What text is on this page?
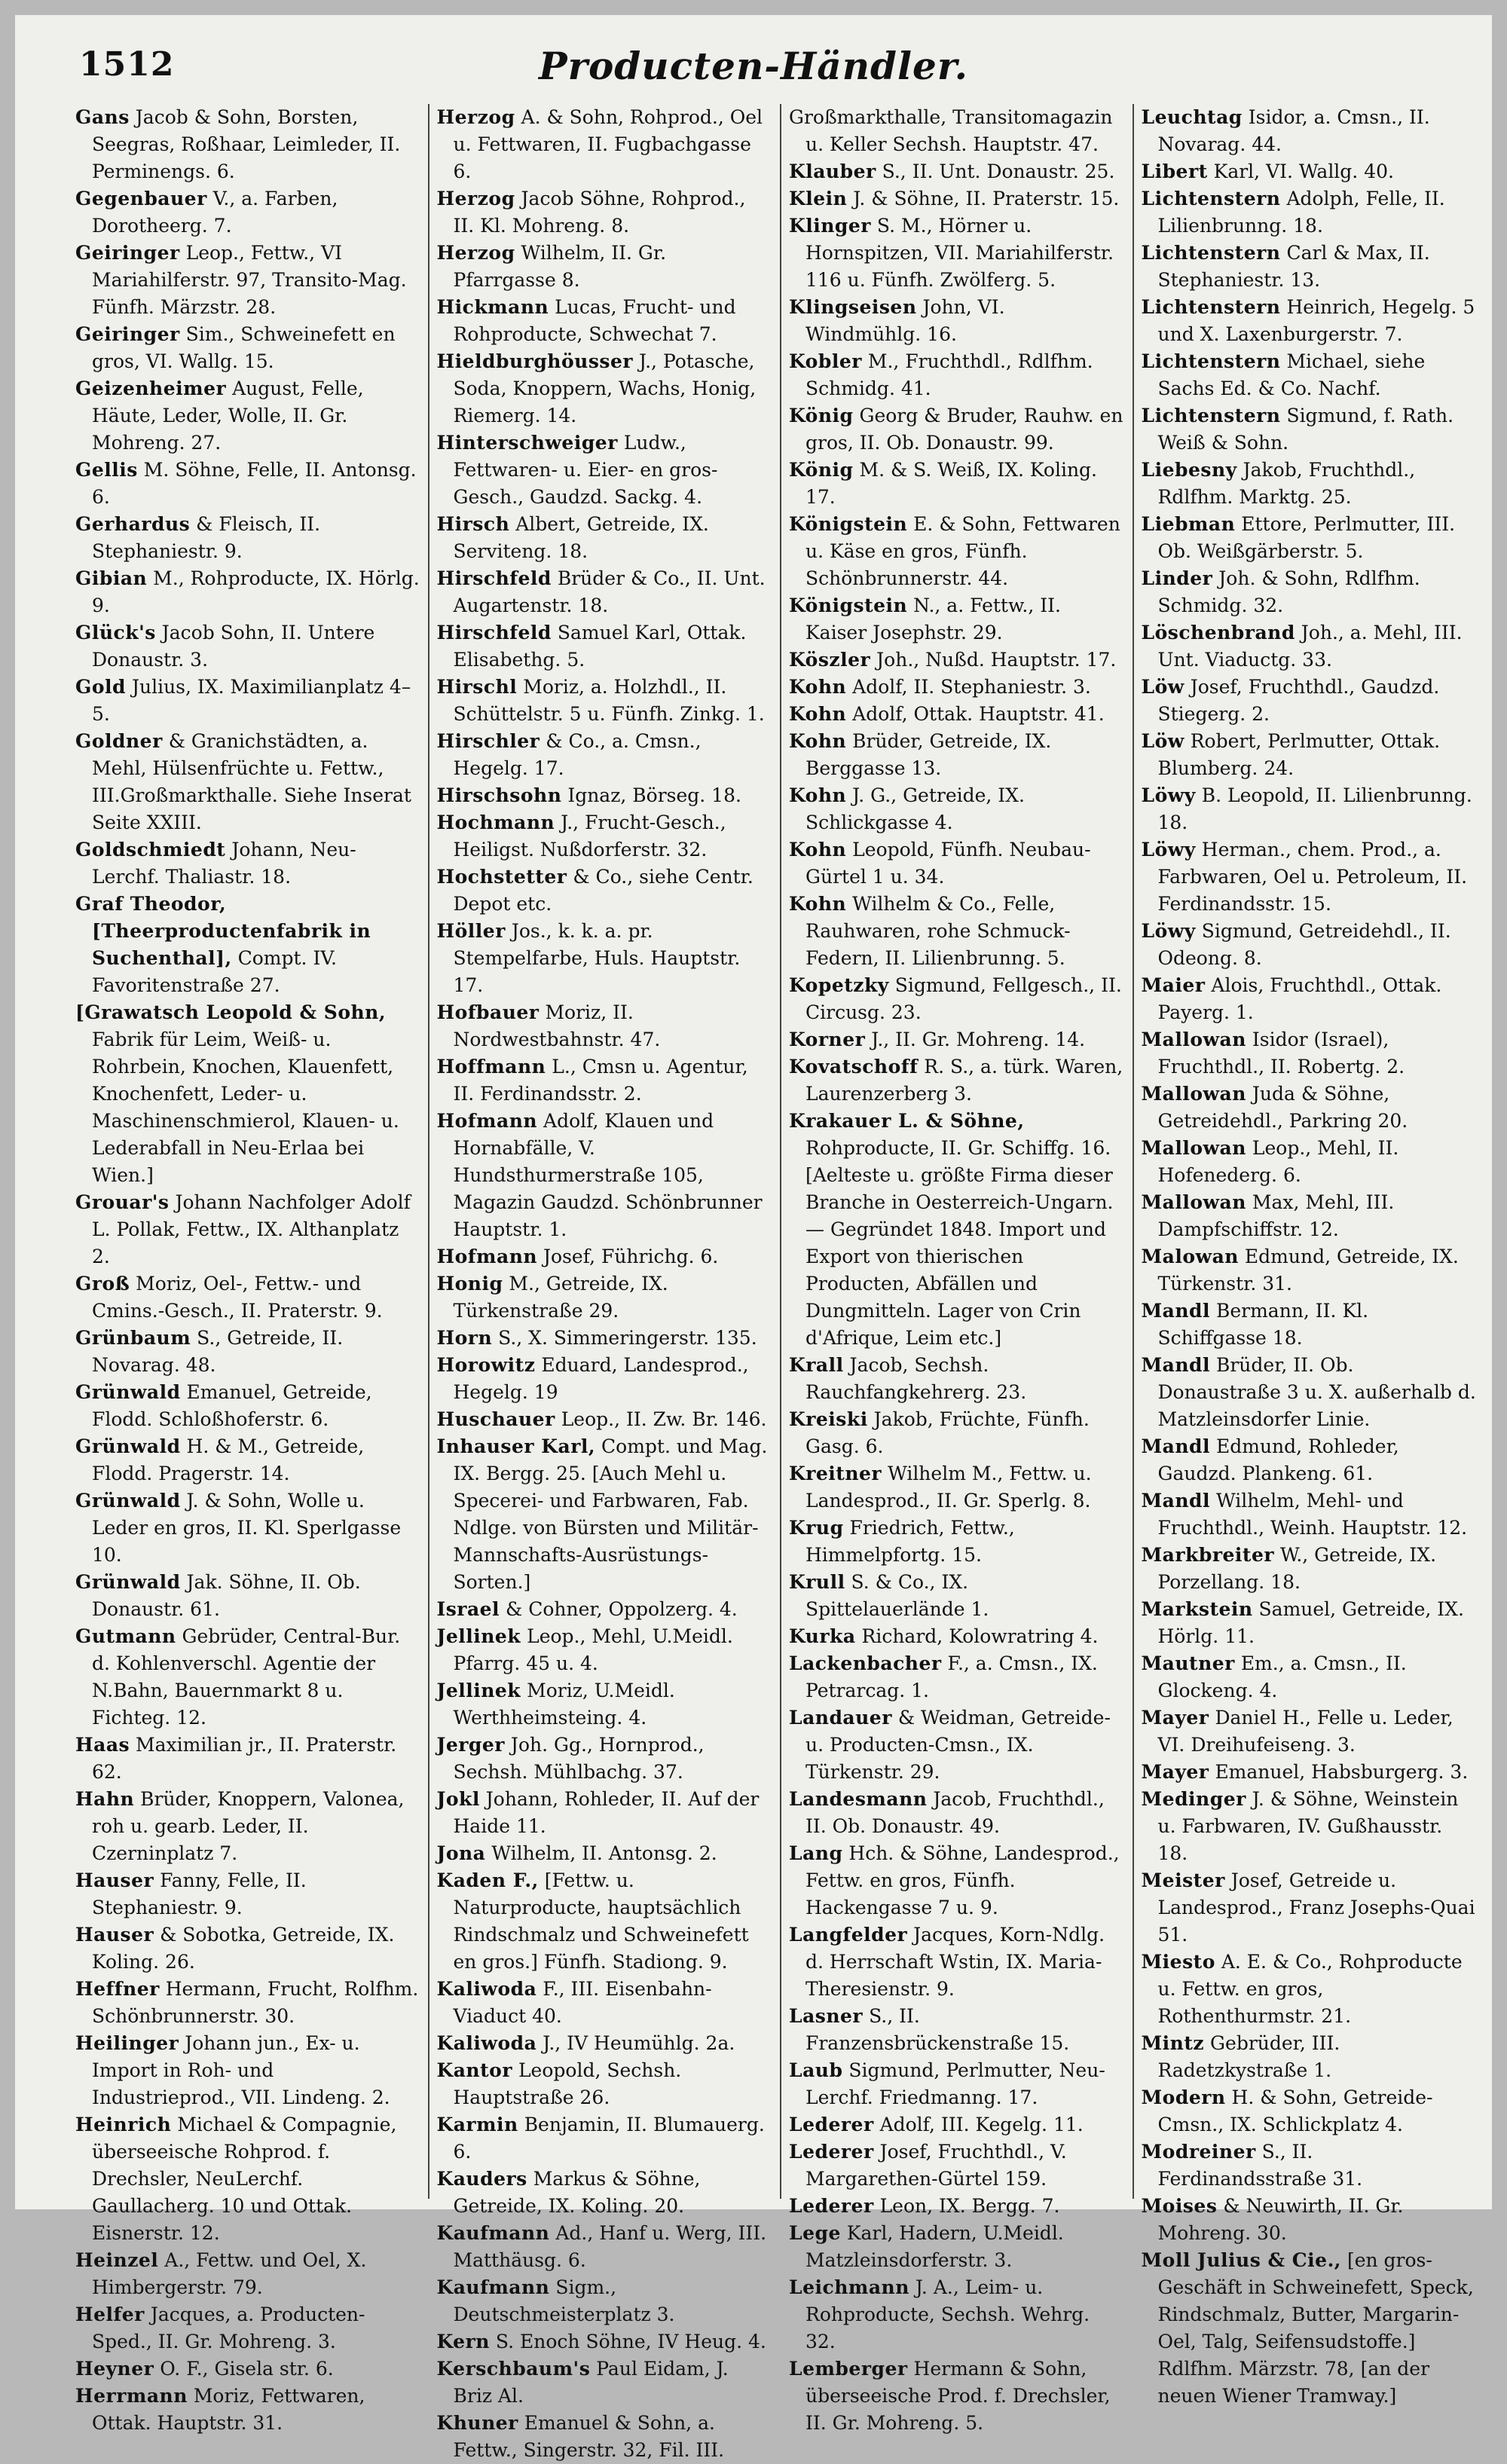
1512	Producten-Händler.

Gans Jacob & Sohn, Borsten, Seegras, Roßhaar, Leimleder, II. Perminengs. 6.

Gegenbauer V., a. Farben, Dorotheerg. 7.

Geiringer Leop., Fettw., VI Mariahilferstr. 97, Transito-Mag. Fünfh. Märzstr. 28.

Geiringer Sim., Schweinefett en gros, VI. Wallg. 15.

Geizenheimer August, Felle, Häute, Leder, Wolle, II. Gr. Mohreng. 27.

Gellis M. Söhne, Felle, II. Antonsg. 6.

Gerhardus & Fleisch, II. Stephaniestr. 9.

Gibian M., Rohproducte, IX. Hörlg. 9.

Glück's Jacob Sohn, II. Untere Donaustr. 3.

Gold Julius, IX. Maximilianplatz 4–5.

Goldner & Granichstädten, a. Mehl, Hülsenfrüchte u. Fettw., III.Großmarkthalle. Siehe Inserat Seite XXIII.

Goldschmiedt Johann, Neu-Lerchf. Thaliastr. 18.

Graf Theodor, [Theerproductenfabrik in Suchenthal], Compt. IV. Favoritenstraße 27.

[Grawatsch Leopold & Sohn, Fabrik für Leim, Weiß- u. Rohrbein, Knochen, Klauenfett, Knochenfett, Leder- u. Maschinenschmierol, Klauen- u. Lederabfall in Neu-Erlaa bei Wien.]

Grouar's Johann Nachfolger Adolf L. Pollak, Fettw., IX. Althanplatz 2.

Groß Moriz, Oel-, Fettw.- und Cmins.-Gesch., II. Praterstr. 9.

Grünbaum S., Getreide, II. Novarag. 48.

Grünwald Emanuel, Getreide, Flodd. Schloßhoferstr. 6.

Grünwald H. & M., Getreide, Flodd. Pragerstr. 14.

Grünwald J. & Sohn, Wolle u. Leder en gros, II. Kl. Sperlgasse 10.

Grünwald Jak. Söhne, II. Ob. Donaustr. 61.

Gutmann Gebrüder, Central-Bur. d. Kohlenverschl. Agentie der N.Bahn, Bauernmarkt 8 u. Fichteg. 12.

Haas Maximilian jr., II. Praterstr. 62.

Hahn Brüder, Knoppern, Valonea, roh u. gearb. Leder, II. Czerninplatz 7.

Hauser Fanny, Felle, II. Stephaniestr. 9.

Hauser & Sobotka, Getreide, IX. Koling. 26.

Heffner Hermann, Frucht, Rolfhm. Schönbrunnerstr. 30.

Heilinger Johann jun., Ex- u. Import in Roh- und Industrieprod., VII. Lindeng. 2.

Heinrich Michael & Compagnie, überseeische Rohprod. f. Drechsler, NeuLerchf. Gaullacherg. 10 und Ottak. Eisnerstr. 12.

Heinzel A., Fettw. und Oel, X. Himbergerstr. 79.

Helfer Jacques, a. Producten-Sped., II. Gr. Mohreng. 3.

Heyner O. F., Gisela str. 6.

Herrmann Moriz, Fettwaren, Ottak. Hauptstr. 31.

Herzog A. & Sohn, Rohprod., Oel u. Fettwaren, II. Fugbachgasse 6.

Herzog Jacob Söhne, Rohprod., II. Kl. Mohreng. 8.

Herzog Wilhelm, II. Gr. Pfarrgasse 8.

Hickmann Lucas, Frucht- und Rohproducte, Schwechat 7.

Hieldburghöusser J., Potasche, Soda, Knoppern, Wachs, Honig, Riemerg. 14.

Hinterschweiger Ludw., Fettwaren- u. Eier- en gros-Gesch., Gaudzd. Sackg. 4.

Hirsch Albert, Getreide, IX. Serviteng. 18.

Hirschfeld Brüder & Co., II. Unt. Augartenstr. 18.

Hirschfeld Samuel Karl, Ottak. Elisabethg. 5.

Hirschl Moriz, a. Holzhdl., II. Schüttelstr. 5 u. Fünfh. Zinkg. 1.

Hirschler & Co., a. Cmsn., Hegelg. 17.

Hirschsohn Ignaz, Börseg. 18.

Hochmann J., Frucht-Gesch., Heiligst. Nußdorferstr. 32.

Hochstetter & Co., siehe Centr. Depot etc.

Höller Jos., k. k. a. pr. Stempelfarbe, Huls. Hauptstr. 17.

Hofbauer Moriz, II. Nordwestbahnstr. 47.

Hoffmann L., Cmsn u. Agentur, II. Ferdinandsstr. 2.

Hofmann Adolf, Klauen und Hornabfälle, V. Hundsthurmerstraße 105, Magazin Gaudzd. Schönbrunner Hauptstr. 1.

Hofmann Josef, Führichg. 6.

Honig M., Getreide, IX. Türkenstraße 29.

Horn S., X. Simmeringerstr. 135.

Horowitz Eduard, Landesprod., Hegelg. 19

Huschauer Leop., II. Zw. Br. 146.

Inhauser Karl, Compt. und Mag. IX. Bergg. 25. [Auch Mehl u. Specerei- und Farbwaren, Fab. Ndlge. von Bürsten und Militär-Mannschafts-Ausrüstungs-Sorten.]

Israel & Cohner, Oppolzerg. 4.

Jellinek Leop., Mehl, U.Meidl. Pfarrg. 45 u. 4.

Jellinek Moriz, U.Meidl. Werthheimsteing. 4.

Jerger Joh. Gg., Hornprod., Sechsh. Mühlbachg. 37.

Jokl Johann, Rohleder, II. Auf der Haide 11.

Jona Wilhelm, II. Antonsg. 2.

Kaden F., [Fettw. u. Naturproducte, hauptsächlich Rindschmalz und Schweinefett en gros.] Fünfh. Stadiong. 9.

Kaliwoda F., III. Eisenbahn-Viaduct 40.

Kaliwoda J., IV Heumühlg. 2a.

Kantor Leopold, Sechsh. Hauptstraße 26.

Karmin Benjamin, II. Blumauerg. 6.

Kauders Markus & Söhne, Getreide, IX. Koling. 20.

Kaufmann Ad., Hanf u. Werg, III. Matthäusg. 6.

Kaufmann Sigm., Deutschmeisterplatz 3.

Kern S. Enoch Söhne, IV Heug. 4.

Kerschbaum's Paul Eidam, J. Briz Al.

Khuner Emanuel & Sohn, a. Fettw., Singerstr. 32, Fil. III.

Großmarkthalle, Transitomagazin u. Keller Sechsh. Hauptstr. 47.

Klauber S., II. Unt. Donaustr. 25.

Klein J. & Söhne, II. Praterstr. 15.

Klinger S. M., Hörner u. Hornspitzen, VII. Mariahilferstr. 116 u. Fünfh. Zwölferg. 5.

Klingseisen John, VI. Windmühlg. 16.

Kobler M., Fruchthdl., Rdlfhm. Schmidg. 41.

König Georg & Bruder, Rauhw. en gros, II. Ob. Donaustr. 99.

König M. & S. Weiß, IX. Koling. 17.

Königstein E. & Sohn, Fettwaren u. Käse en gros, Fünfh. Schönbrunnerstr. 44.

Königstein N., a. Fettw., II. Kaiser Josephstr. 29.

Köszler Joh., Nußd. Hauptstr. 17.

Kohn Adolf, II. Stephaniestr. 3.

Kohn Adolf, Ottak. Hauptstr. 41.

Kohn Brüder, Getreide, IX. Berggasse 13.

Kohn J. G., Getreide, IX. Schlickgasse 4.

Kohn Leopold, Fünfh. Neubau-Gürtel 1 u. 34.

Kohn Wilhelm & Co., Felle, Rauhwaren, rohe Schmuck-Federn, II. Lilienbrunng. 5.

Kopetzky Sigmund, Fellgesch., II. Circusg. 23.

Korner J., II. Gr. Mohreng. 14.

Kovatschoff R. S., a. türk. Waren, Laurenzerberg 3.

Krakauer L. & Söhne, Rohproducte, II. Gr. Schiffg. 16. [Aelteste u. größte Firma dieser Branche in Oesterreich-Ungarn. — Gegründet 1848. Import und Export von thierischen Producten, Abfällen und Dungmitteln. Lager von Crin d'Afrique, Leim etc.]

Krall Jacob, Sechsh. Rauchfangkehrerg. 23.

Kreiski Jakob, Früchte, Fünfh. Gasg. 6.

Kreitner Wilhelm M., Fettw. u. Landesprod., II. Gr. Sperlg. 8.

Krug Friedrich, Fettw., Himmelpfortg. 15.

Krull S. & Co., IX. Spittelauerlände 1.

Kurka Richard, Kolowratring 4.

Lackenbacher F., a. Cmsn., IX. Petrarcag. 1.

Landauer & Weidman, Getreide- u. Producten-Cmsn., IX. Türkenstr. 29.

Landesmann Jacob, Fruchthdl., II. Ob. Donaustr. 49.

Lang Hch. & Söhne, Landesprod., Fettw. en gros, Fünfh. Hackengasse 7 u. 9.

Langfelder Jacques, Korn-Ndlg. d. Herrschaft Wstin, IX. Maria-Theresienstr. 9.

Lasner S., II. Franzensbrückenstraße 15.

Laub Sigmund, Perlmutter, Neu-Lerchf. Friedmanng. 17.

Lederer Adolf, III. Kegelg. 11.

Lederer Josef, Fruchthdl., V. Margarethen-Gürtel 159.

Lederer Leon, IX. Bergg. 7.

Lege Karl, Hadern, U.Meidl. Matzleinsdorferstr. 3.

Leichmann J. A., Leim- u. Rohproducte, Sechsh. Wehrg. 32.

Lemberger Hermann & Sohn, überseeische Prod. f. Drechsler, II. Gr. Mohreng. 5.

Leuchtag Isidor, a. Cmsn., II. Novarag. 44.

Libert Karl, VI. Wallg. 40.

Lichtenstern Adolph, Felle, II. Lilienbrunng. 18.

Lichtenstern Carl & Max, II. Stephaniestr. 13.

Lichtenstern Heinrich, Hegelg. 5 und X. Laxenburgerstr. 7.

Lichtenstern Michael, siehe Sachs Ed. & Co. Nachf.

Lichtenstern Sigmund, f. Rath. Weiß & Sohn.

Liebesny Jakob, Fruchthdl., Rdlfhm. Marktg. 25.

Liebman Ettore, Perlmutter, III. Ob. Weißgärberstr. 5.

Linder Joh. & Sohn, Rdlfhm. Schmidg. 32.

Löschenbrand Joh., a. Mehl, III. Unt. Viaductg. 33.

Löw Josef, Fruchthdl., Gaudzd. Stiegerg. 2.

Löw Robert, Perlmutter, Ottak. Blumberg. 24.

Löwy B. Leopold, II. Lilienbrunng. 18.

Löwy Herman., chem. Prod., a. Farbwaren, Oel u. Petroleum, II. Ferdinandsstr. 15.

Löwy Sigmund, Getreidehdl., II. Odeong. 8.

Maier Alois, Fruchthdl., Ottak. Payerg. 1.

Mallowan Isidor (Israel), Fruchthdl., II. Robertg. 2.

Mallowan Juda & Söhne, Getreidehdl., Parkring 20.

Mallowan Leop., Mehl, II. Hofenederg. 6.

Mallowan Max, Mehl, III. Dampfschiffstr. 12.

Malowan Edmund, Getreide, IX. Türkenstr. 31.

Mandl Bermann, II. Kl. Schiffgasse 18.

Mandl Brüder, II. Ob. Donaustraße 3 u. X. außerhalb d. Matzleinsdorfer Linie.

Mandl Edmund, Rohleder, Gaudzd. Plankeng. 61.

Mandl Wilhelm, Mehl- und Fruchthdl., Weinh. Hauptstr. 12.

Markbreiter W., Getreide, IX. Porzellang. 18.

Markstein Samuel, Getreide, IX. Hörlg. 11.

Mautner Em., a. Cmsn., II. Glockeng. 4.

Mayer Daniel H., Felle u. Leder, VI. Dreihufeiseng. 3.

Mayer Emanuel, Habsburgerg. 3.

Medinger J. & Söhne, Weinstein u. Farbwaren, IV. Gußhausstr. 18.

Meister Josef, Getreide u. Landesprod., Franz Josephs-Quai 51.

Miesto A. E. & Co., Rohproducte u. Fettw. en gros, Rothenthurmstr. 21.

Mintz Gebrüder, III. Radetzkystraße 1.

Modern H. & Sohn, Getreide-Cmsn., IX. Schlickplatz 4.

Modreiner S., II. Ferdinandsstraße 31.

Moises & Neuwirth, II. Gr. Mohreng. 30.

Moll Julius & Cie., [en gros-Geschäft in Schweinefett, Speck, Rindschmalz, Butter, Margarin-Oel, Talg, Seifensudstoffe.] Rdlfhm. Märzstr. 78, [an der neuen Wiener Tramway.]
